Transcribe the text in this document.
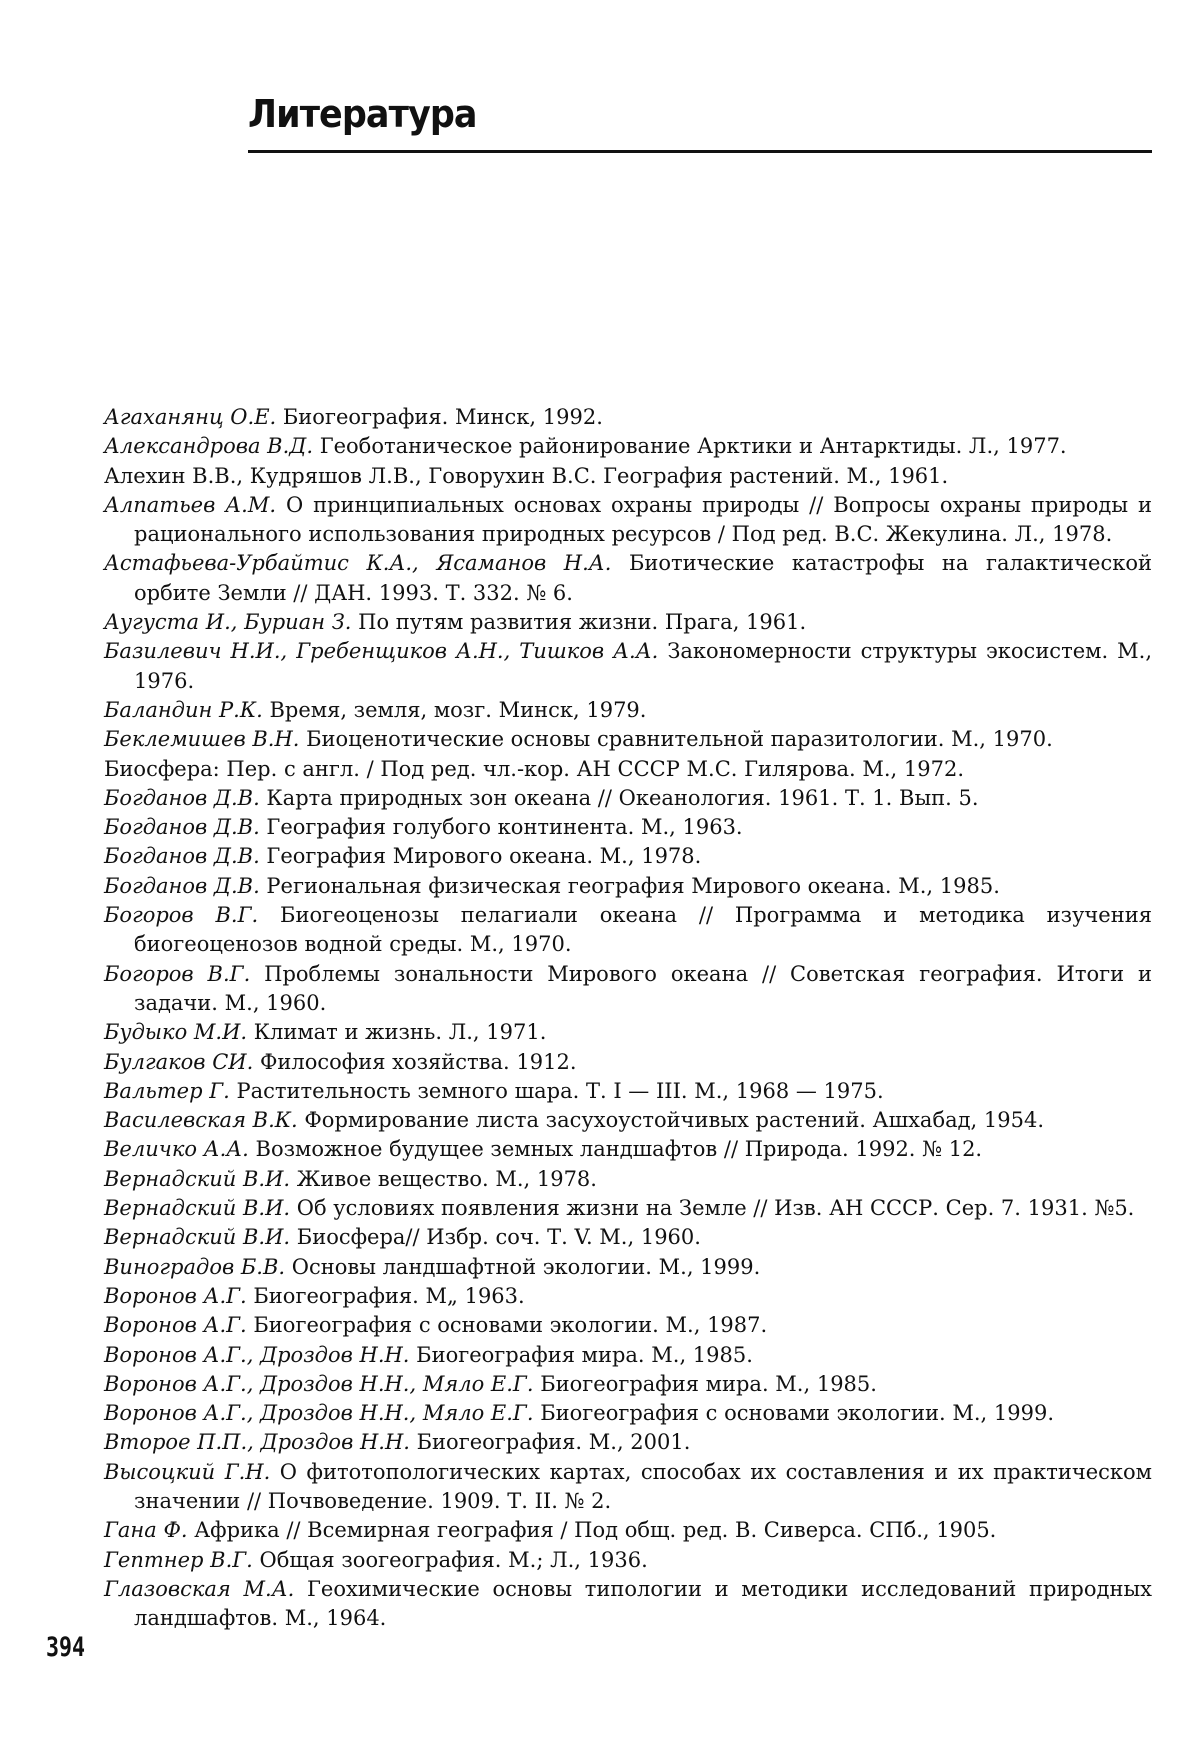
Литература
Агаханянц О.Е. Биогеография. Минск, 1992.
Александрова В.Д. Геоботаническое районирование Арктики и Антарктиды. Л., 1977.
Алехин В.В., Кудряшов Л.В., Говорухин В.С. География растений. М., 1961.
Алпатьев А.М. О принципиальных основах охраны природы // Вопросы охраны природы и рационального использования природных ресурсов / Под ред. В.С. Жекулина. Л., 1978.
Астафьева-Урбайтис К.А., Ясаманов Н.А. Биотические катастрофы на галактической орбите Земли // ДАН. 1993. Т. 332. № 6.
Аугуста И., Буриан З. По путям развития жизни. Прага, 1961.
Базилевич Н.И., Гребенщиков А.Н., Тишков А.А. Закономерности структуры экосистем. М., 1976.
Баландин Р.К. Время, земля, мозг. Минск, 1979.
Беклемишев В.Н. Биоценотические основы сравнительной паразитологии. М., 1970.
Биосфера: Пер. с англ. / Под ред. чл.-кор. АН СССР М.С. Гилярова. М., 1972.
Богданов Д.В. Карта природных зон океана // Океанология. 1961. Т. 1. Вып. 5.
Богданов Д.В. География голубого континента. М., 1963.
Богданов Д.В. География Мирового океана. М., 1978.
Богданов Д.В. Региональная физическая география Мирового океана. М., 1985.
Богоров В.Г. Биогеоценозы пелагиали океана // Программа и методика изучения биогеоценозов водной среды. М., 1970.
Богоров В.Г. Проблемы зональности Мирового океана // Советская география. Итоги и задачи. М., 1960.
Будыко М.И. Климат и жизнь. Л., 1971.
Булгаков СИ. Философия хозяйства. 1912.
Вальтер Г. Растительность земного шара. Т. I — III. М., 1968 — 1975.
Василевская В.К. Формирование листа засухоустойчивых растений. Ашхабад, 1954.
Величко А.А. Возможное будущее земных ландшафтов // Природа. 1992. № 12.
Вернадский В.И. Живое вещество. М., 1978.
Вернадский В.И. Об условиях появления жизни на Земле // Изв. АН СССР. Сер. 7. 1931. №5.
Вернадский В.И. Биосфера// Избр. соч. Т. V. М., 1960.
Виноградов Б.В. Основы ландшафтной экологии. М., 1999.
Воронов А.Г. Биогеография. М„ 1963.
Воронов А.Г. Биогеография с основами экологии. М., 1987.
Воронов А.Г., Дроздов Н.Н. Биогеография мира. М., 1985.
Воронов А.Г., Дроздов Н.Н., Мяло Е.Г. Биогеография мира. М., 1985.
Воронов А.Г., Дроздов Н.Н., Мяло Е.Г. Биогеография с основами экологии. М., 1999.
Второе П.П., Дроздов Н.Н. Биогеография. М., 2001.
Высоцкий Г.Н. О фитотопологических картах, способах их составления и их практическом значении // Почвоведение. 1909. Т. II. № 2.
Гана Ф. Африка // Всемирная география / Под общ. ред. В. Сиверса. СПб., 1905.
Гептнер В.Г. Общая зоогеография. М.; Л., 1936.
Глазовская М.А. Геохимические основы типологии и методики исследований природных ландшафтов. М., 1964.
394
